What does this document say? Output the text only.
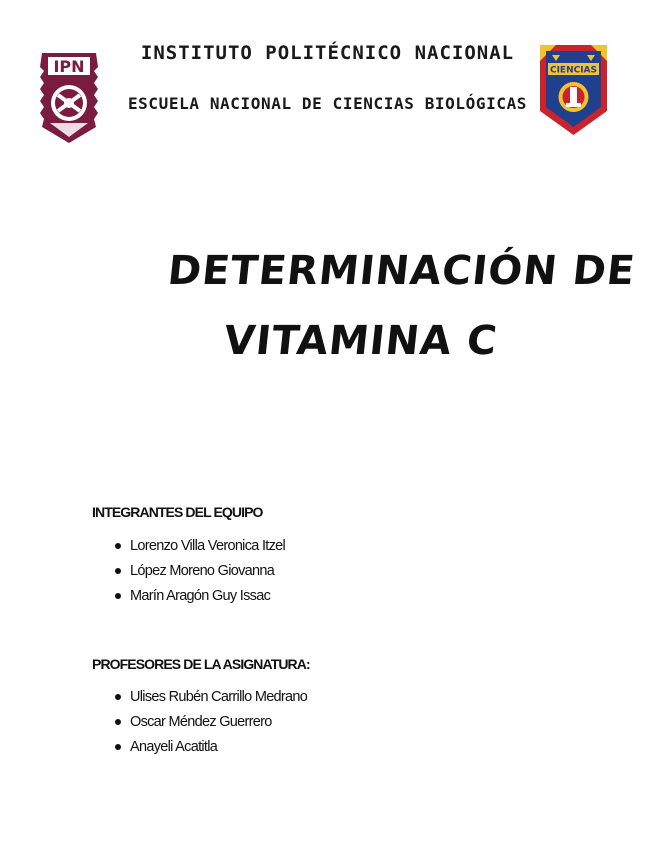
IPN	CIENCIAS
INSTITUTO POLITÉCNICO NACIONAL
ESCUELA NACIONAL DE CIENCIAS BIOLÓGICAS
DETERMINACIÓN DE
VITAMINA C
INTEGRANTES DEL EQUIPO
Lorenzo Villa Veronica Itzel
López Moreno Giovanna
Marín Aragón Guy Issac
PROFESORES DE LA ASIGNATURA:
Ulises Rubén Carrillo Medrano
Oscar Méndez Guerrero
Anayeli Acatitla
